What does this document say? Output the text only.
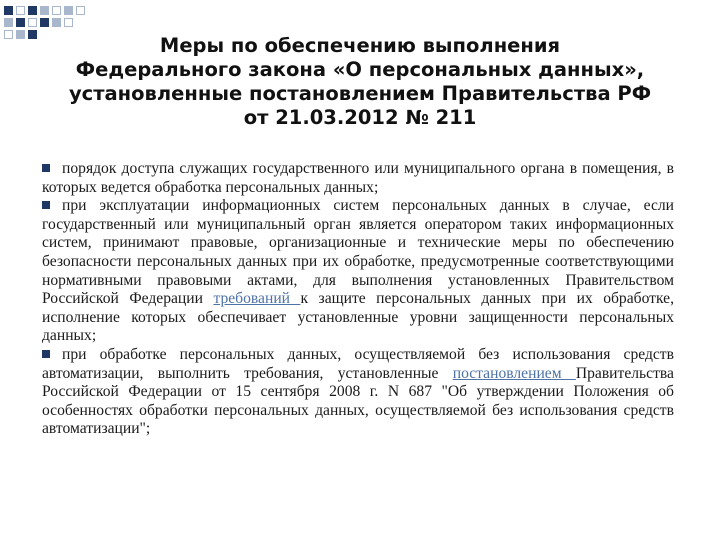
Меры по обеспечению выполнения
Федерального закона «О персональных данных»,
установленные постановлением Правительства РФ
от 21.03.2012 № 211

порядок доступа служащих государственного или муниципального органа в помещения, в которых ведется обработка персональных данных;

при эксплуатации информационных систем персональных данных в случае, если государственный или муниципальный орган является оператором таких информационных систем, принимают правовые, организационные и технические меры по обеспечению безопасности персональных данных при их обработке, предусмотренные соответствующими нормативными правовыми актами, для выполнения установленных Правительством Российской Федерации требований к защите персональных данных при их обработке, исполнение которых обеспечивает установленные уровни защищенности персональных данных;

при обработке персональных данных, осуществляемой без использования средств автоматизации, выполнить требования, установленные постановлением Правительства Российской Федерации от 15 сентября 2008 г. N 687 "Об утверждении Положения об особенностях обработки персональных данных, осуществляемой без использования средств автоматизации";
